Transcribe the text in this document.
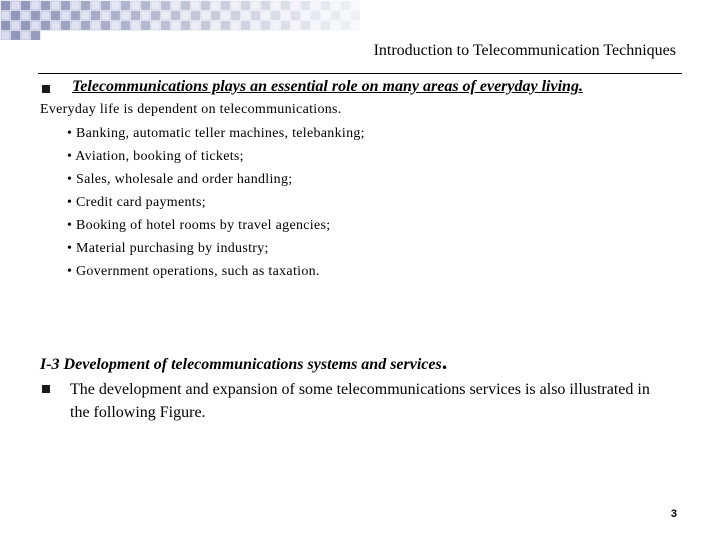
Introduction to Telecommunication Techniques
Telecommunications plays an essential role on many areas of everyday living.
Everyday life is dependent on telecommunications.
• Banking, automatic teller machines, telebanking;
• Aviation, booking of tickets;
• Sales, wholesale and order handling;
• Credit card payments;
• Booking of hotel rooms by travel agencies;
• Material purchasing by industry;
• Government operations, such as taxation.
I-3 Development of telecommunications systems and services.
The development and expansion of some telecommunications services is also illustrated in the following Figure.
3
